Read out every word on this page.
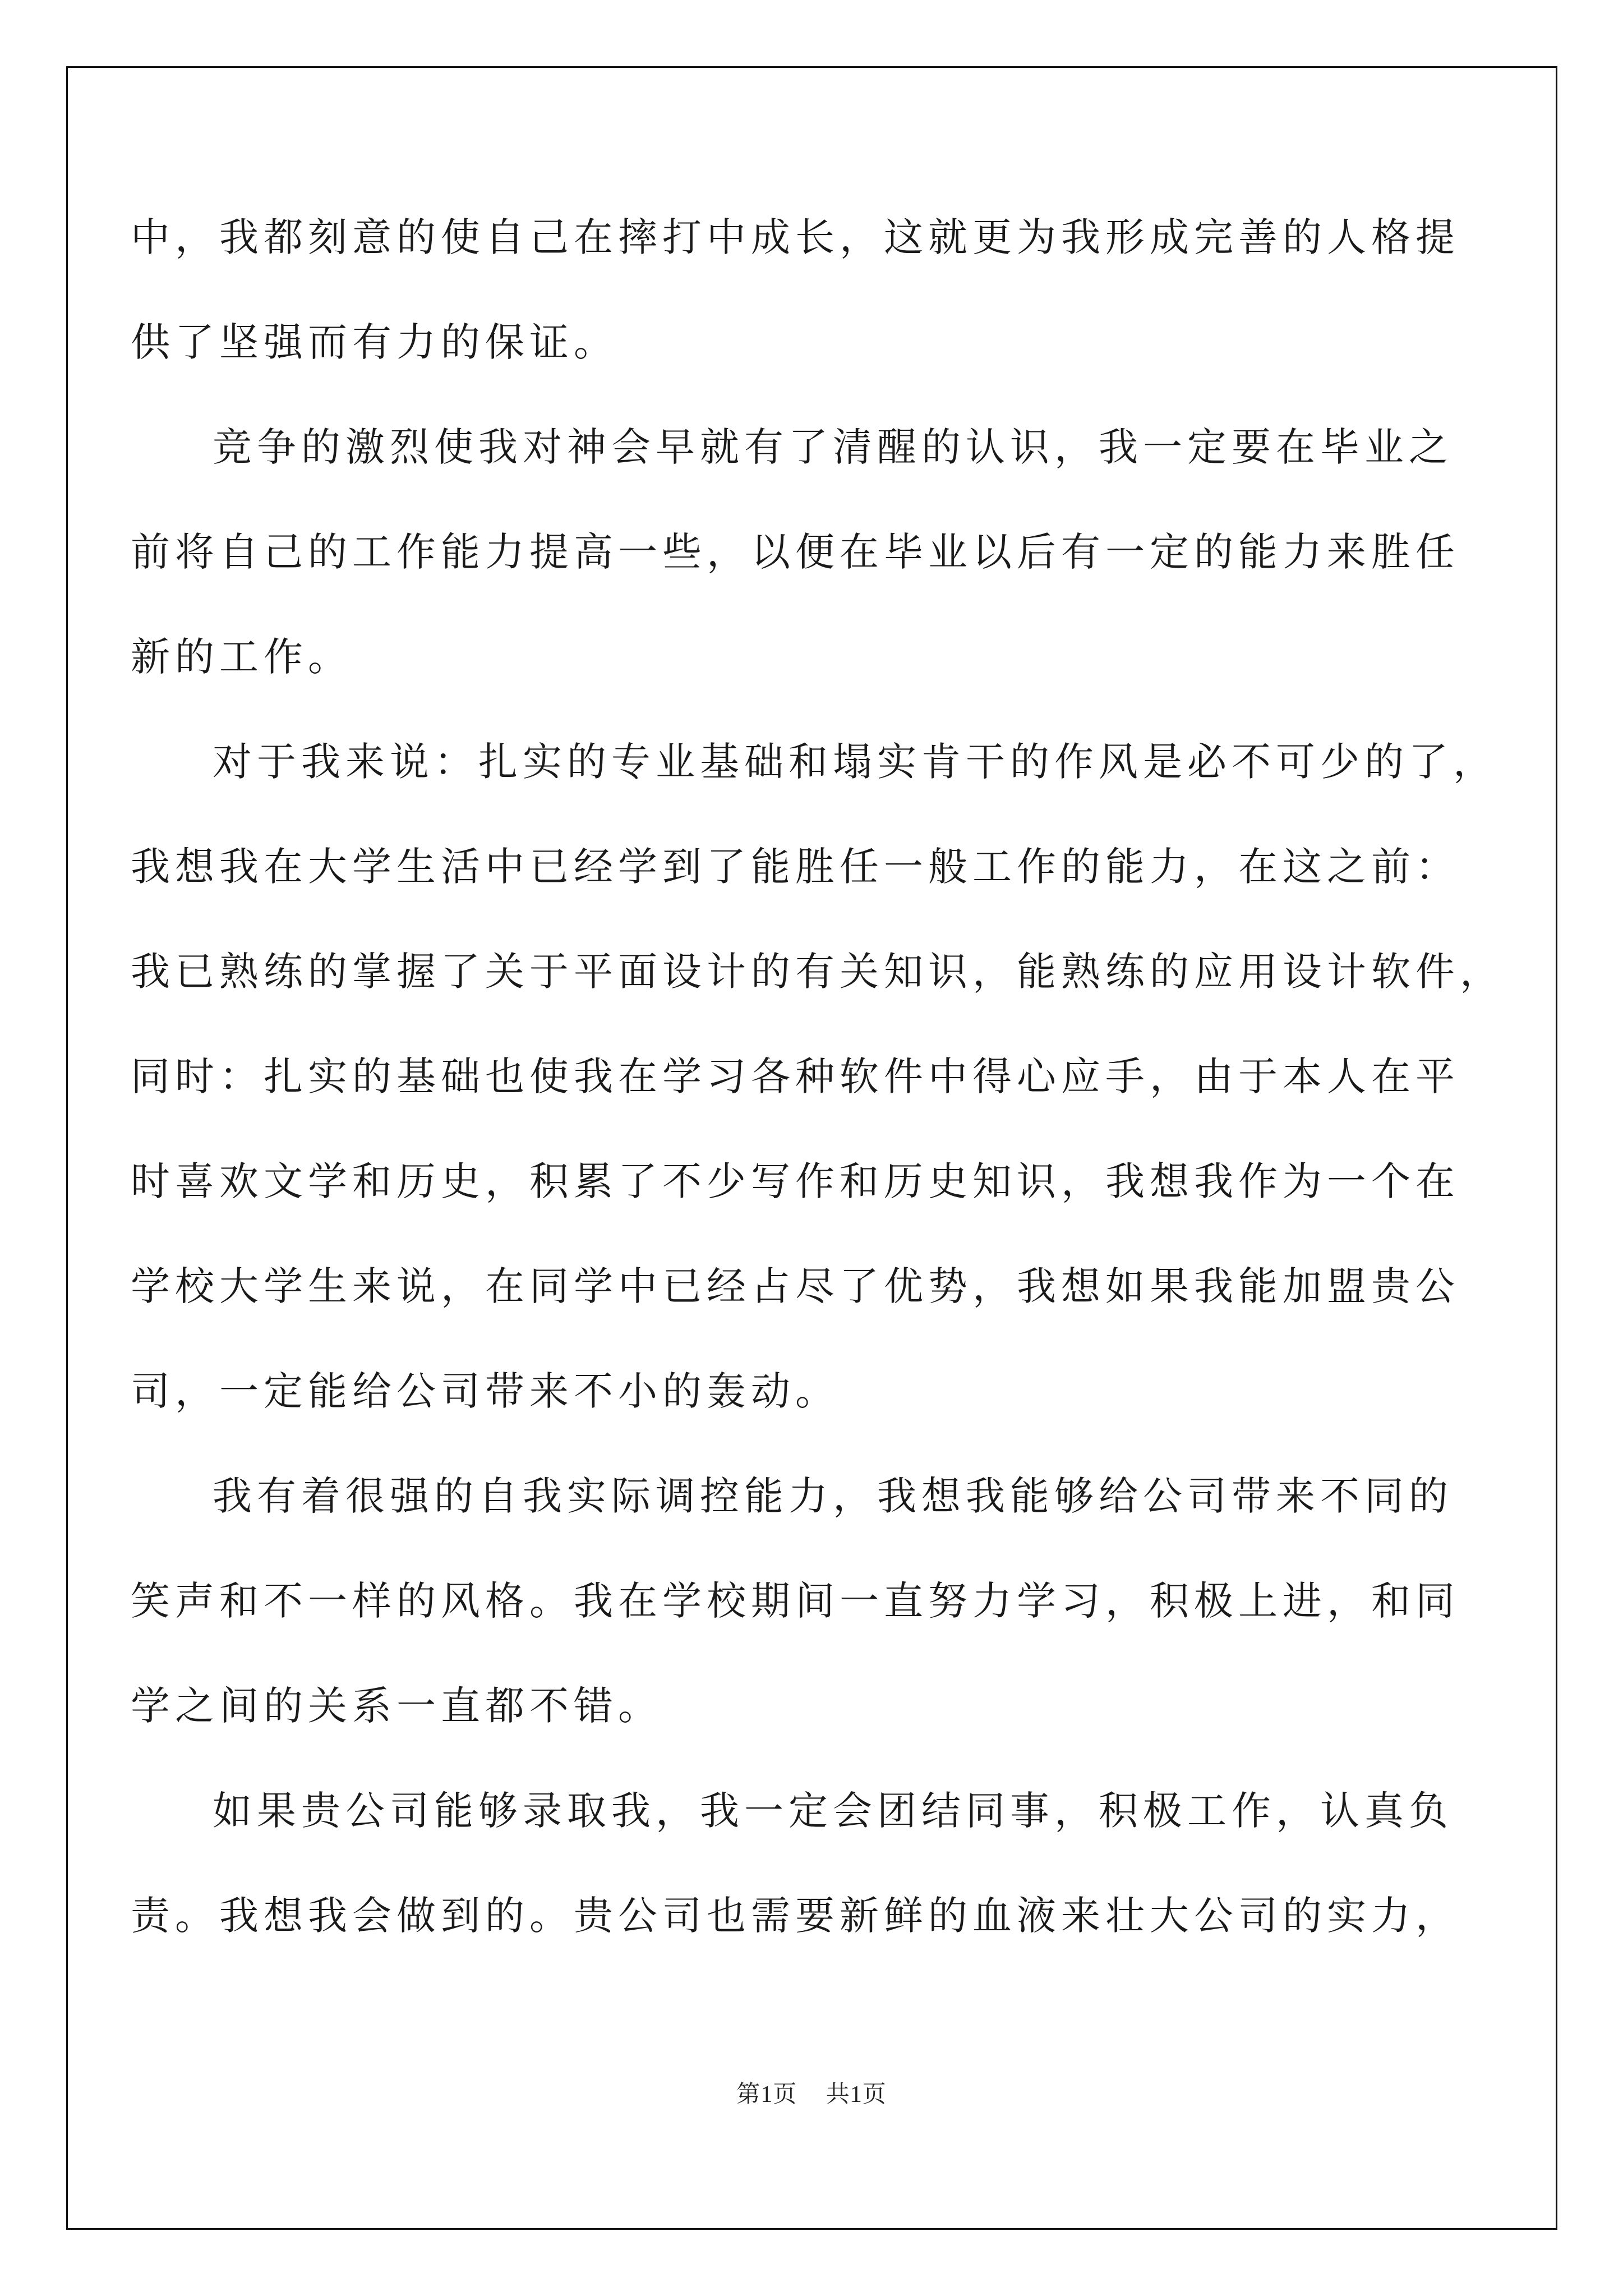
中，我都刻意的使自己在摔打中成长，这就更为我形成完善的人格提
供了坚强而有力的保证。
竞争的激烈使我对神会早就有了清醒的认识，我一定要在毕业之
前将自己的工作能力提高一些，以便在毕业以后有一定的能力来胜任
新的工作。
对于我来说：扎实的专业基础和塌实肯干的作风是必不可少的了，
我想我在大学生活中已经学到了能胜任一般工作的能力，在这之前：
我已熟练的掌握了关于平面设计的有关知识，能熟练的应用设计软件，
同时：扎实的基础也使我在学习各种软件中得心应手，由于本人在平
时喜欢文学和历史，积累了不少写作和历史知识，我想我作为一个在
学校大学生来说，在同学中已经占尽了优势，我想如果我能加盟贵公
司，一定能给公司带来不小的轰动。
我有着很强的自我实际调控能力，我想我能够给公司带来不同的
笑声和不一样的风格。我在学校期间一直努力学习，积极上进，和同
学之间的关系一直都不错。
如果贵公司能够录取我，我一定会团结同事，积极工作，认真负
责。我想我会做到的。贵公司也需要新鲜的血液来壮大公司的实力，
第1页 共1页
